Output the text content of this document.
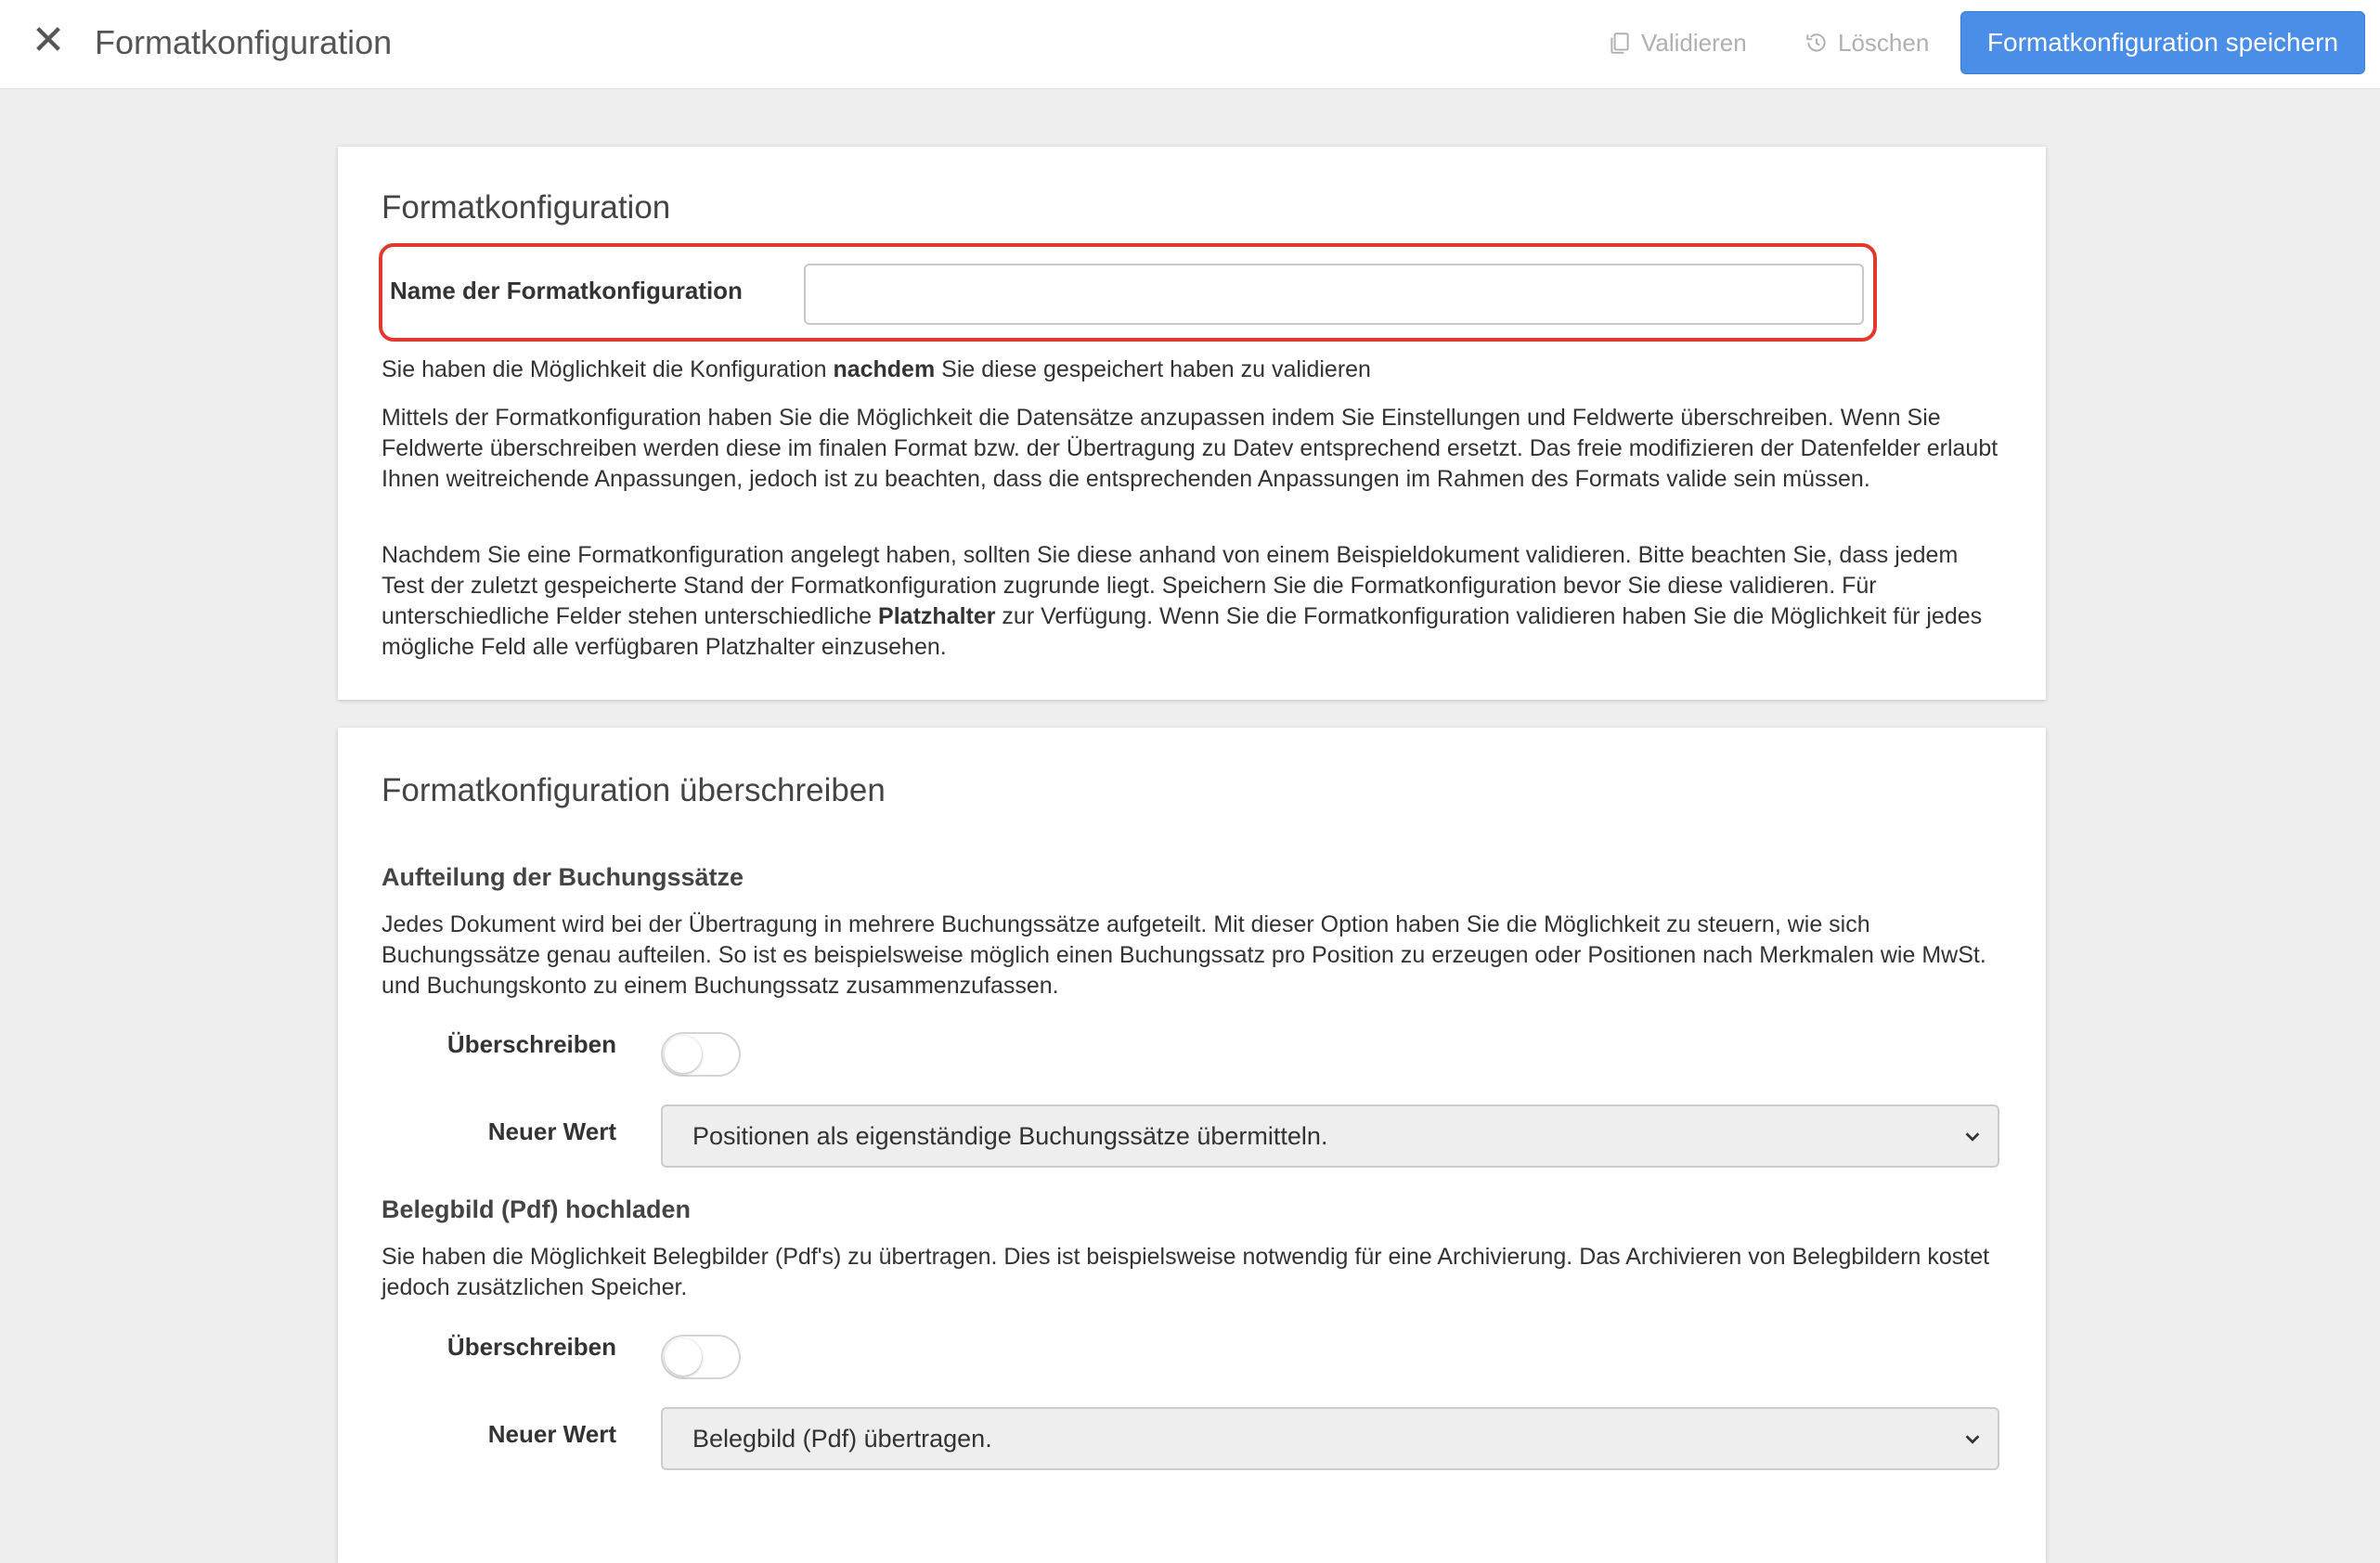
✕ Formatkonfiguration	Validieren	Löschen	Formatkonfiguration speichern
Formatkonfiguration
Name der Formatkonfiguration
Sie haben die Möglichkeit die Konfiguration nachdem Sie diese gespeichert haben zu validieren
Mittels der Formatkonfiguration haben Sie die Möglichkeit die Datensätze anzupassen indem Sie Einstellungen und Feldwerte überschreiben. Wenn Sie Feldwerte überschreiben werden diese im finalen Format bzw. der Übertragung zu Datev entsprechend ersetzt. Das freie modifizieren der Datenfelder erlaubt Ihnen weitreichende Anpassungen, jedoch ist zu beachten, dass die entsprechenden Anpassungen im Rahmen des Formats valide sein müssen.
Nachdem Sie eine Formatkonfiguration angelegt haben, sollten Sie diese anhand von einem Beispieldokument validieren. Bitte beachten Sie, dass jedem Test der zuletzt gespeicherte Stand der Formatkonfiguration zugrunde liegt. Speichern Sie die Formatkonfiguration bevor Sie diese validieren. Für unterschiedliche Felder stehen unterschiedliche Platzhalter zur Verfügung. Wenn Sie die Formatkonfiguration validieren haben Sie die Möglichkeit für jedes mögliche Feld alle verfügbaren Platzhalter einzusehen.
Formatkonfiguration überschreiben
Aufteilung der Buchungssätze
Jedes Dokument wird bei der Übertragung in mehrere Buchungssätze aufgeteilt. Mit dieser Option haben Sie die Möglichkeit zu steuern, wie sich Buchungssätze genau aufteilen. So ist es beispielsweise möglich einen Buchungssatz pro Position zu erzeugen oder Positionen nach Merkmalen wie MwSt. und Buchungskonto zu einem Buchungssatz zusammenzufassen.
Überschreiben
Neuer Wert	Positionen als eigenständige Buchungssätze übermitteln.
Belegbild (Pdf) hochladen
Sie haben die Möglichkeit Belegbilder (Pdf's) zu übertragen. Dies ist beispielsweise notwendig für eine Archivierung. Das Archivieren von Belegbildern kostet jedoch zusätzlichen Speicher.
Überschreiben
Neuer Wert	Belegbild (Pdf) übertragen.
